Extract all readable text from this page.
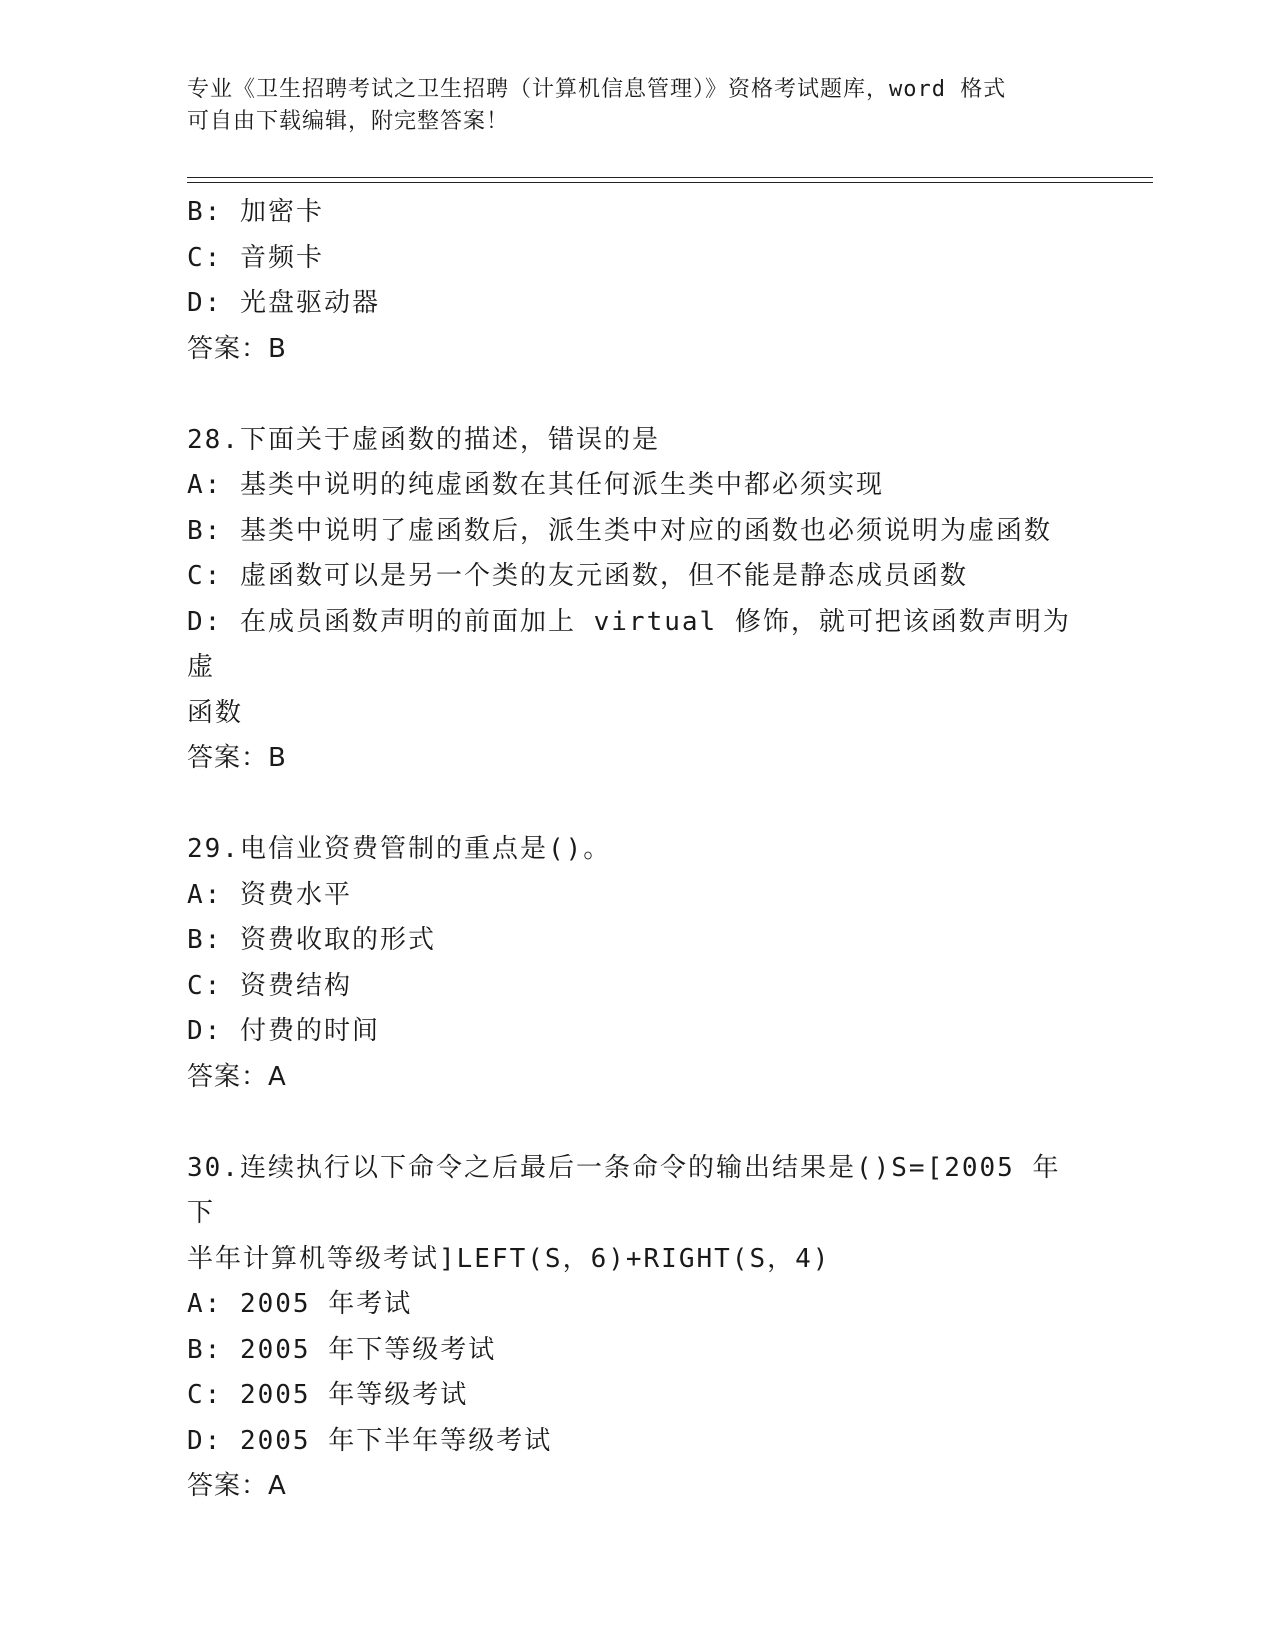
专业《卫生招聘考试之卫生招聘（计算机信息管理）》资格考试题库，word 格式
可自由下载编辑，附完整答案！
B: 加密卡
C: 音频卡
D: 光盘驱动器
答案：B
28.下面关于虚函数的描述，错误的是
A: 基类中说明的纯虚函数在其任何派生类中都必须实现
B: 基类中说明了虚函数后，派生类中对应的函数也必须说明为虚函数
C: 虚函数可以是另一个类的友元函数，但不能是静态成员函数
D: 在成员函数声明的前面加上 virtual 修饰，就可把该函数声明为虚
函数
答案：B
29.电信业资费管制的重点是()。
A: 资费水平
B: 资费收取的形式
C: 资费结构
D: 付费的时间
答案：A
30.连续执行以下命令之后最后一条命令的输出结果是()S=[2005 年下
半年计算机等级考试]LEFT(S，6)+RIGHT(S，4)
A: 2005 年考试
B: 2005 年下等级考试
C: 2005 年等级考试
D: 2005 年下半年等级考试
答案：A
